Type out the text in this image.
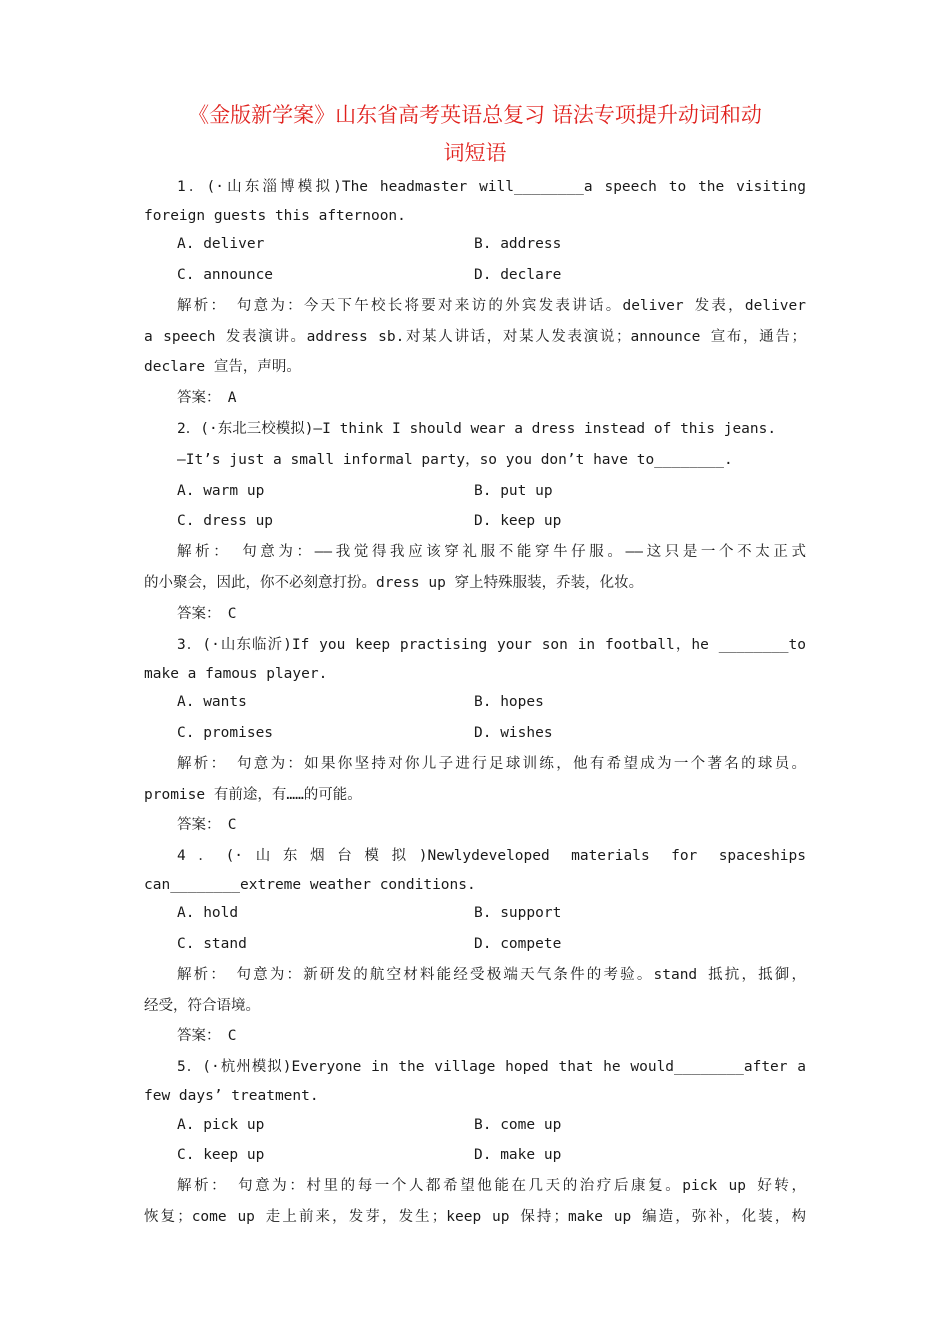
《金版新学案》山东省高考英语总复习 语法专项提升动词和动
词短语
1．(·山东淄博模拟)The headmaster will________a speech to the visiting
foreign guests this afternoon.
A. deliver	B. address
C. announce	D. declare
解析：　句意为：今天下午校长将要对来访的外宾发表讲话。deliver 发表，deliver
a speech 发表演讲。address sb.对某人讲话，对某人发表演说；announce 宣布，通告；
declare 宣告，声明。
答案：　A
2．(·东北三校模拟)—I think I should wear a dress instead of this jeans.
—It’s just a small informal party，so you don’t have to________.
A. warm up	B. put up
C. dress up	D. keep up
解析：　句意为：——我觉得我应该穿礼服不能穿牛仔服。——这只是一个不太正式
的小聚会，因此，你不必刻意打扮。dress up 穿上特殊服装，乔装，化妆。
答案：　C
3．(·山东临沂)If you keep practising your son in football，he ________to
make a famous player.
A. wants	B. hopes
C. promises	D. wishes
解析：　句意为：如果你坚持对你儿子进行足球训练，他有希望成为一个著名的球员。
promise 有前途，有……的可能。
答案：　C
4．(·山东烟台模拟)Newlydeveloped materials for spaceships
can________extreme weather conditions.
A. hold	B. support
C. stand	D. compete
解析：　句意为：新研发的航空材料能经受极端天气条件的考验。stand 抵抗，抵御，
经受，符合语境。
答案：　C
5．(·杭州模拟)Everyone in the village hoped that he would________after a
few days’ treatment.
A. pick up	B. come up
C. keep up	D. make up
解析：　句意为：村里的每一个人都希望他能在几天的治疗后康复。pick up 好转，
恢复；come up 走上前来，发芽，发生；keep up 保持；make up 编造，弥补，化装，构
